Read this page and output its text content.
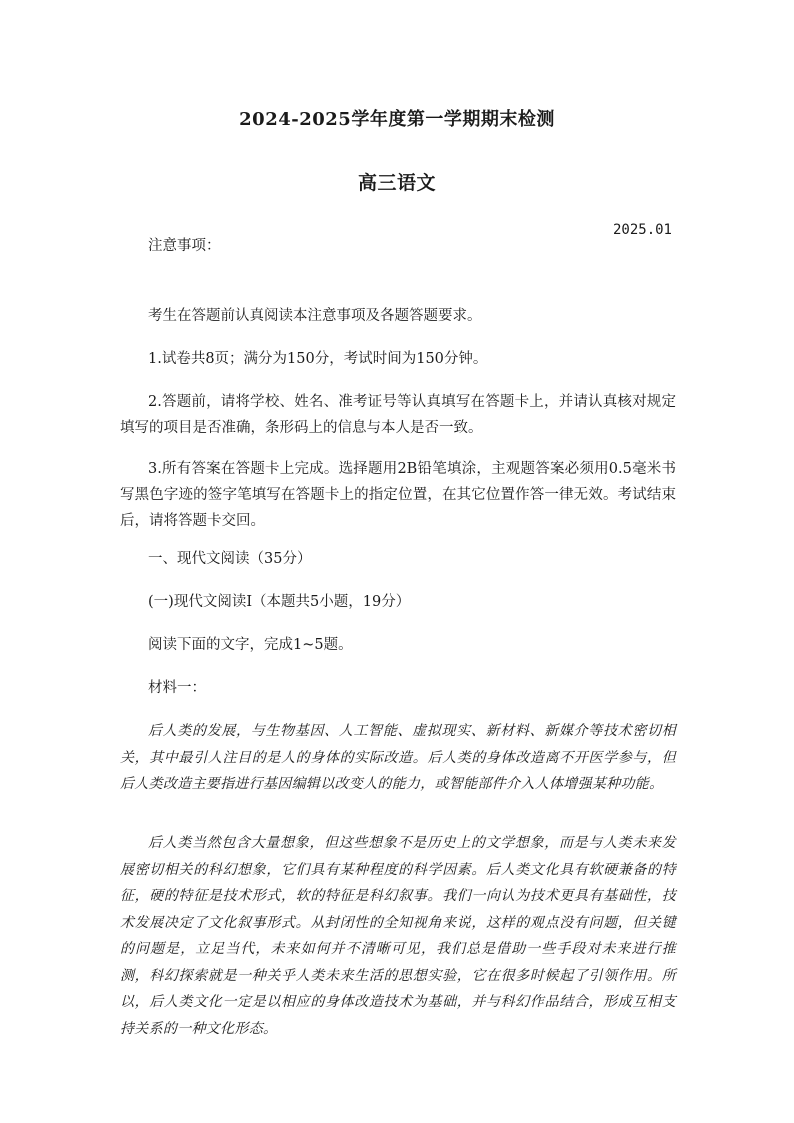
2024-2025学年度第一学期期末检测
高三语文
2025.01
注意事项：
考生在答题前认真阅读本注意事项及各题答题要求。
1.试卷共8页；满分为150分，考试时间为150分钟。
2.答题前，请将学校、姓名、准考证号等认真填写在答题卡上，并请认真核对规定填写的项目是否准确，条形码上的信息与本人是否一致。
3.所有答案在答题卡上完成。选择题用2B铅笔填涂，主观题答案必须用0.5毫米书写黑色字迹的签字笔填写在答题卡上的指定位置，在其它位置作答一律无效。考试结束后，请将答题卡交回。
一、现代文阅读（35分）
(一)现代文阅读Ⅰ（本题共5小题，19分）
阅读下面的文字，完成1~5题。
材料一：
后人类的发展，与生物基因、人工智能、虚拟现实、新材料、新媒介等技术密切相关，其中最引人注目的是人的身体的实际改造。后人类的身体改造离不开医学参与，但后人类改造主要指进行基因编辑以改变人的能力，或智能部件介入人体增强某种功能。
后人类当然包含大量想象，但这些想象不是历史上的文学想象，而是与人类未来发展密切相关的科幻想象，它们具有某种程度的科学因素。后人类文化具有软硬兼备的特征，硬的特征是技术形式，软的特征是科幻叙事。我们一向认为技术更具有基础性，技术发展决定了文化叙事形式。从封闭性的全知视角来说，这样的观点没有问题，但关键的问题是，立足当代，未来如何并不清晰可见，我们总是借助一些手段对未来进行推测，科幻探索就是一种关乎人类未来生活的思想实验，它在很多时候起了引领作用。所以，后人类文化一定是以相应的身体改造技术为基础，并与科幻作品结合，形成互相支持关系的一种文化形态。
